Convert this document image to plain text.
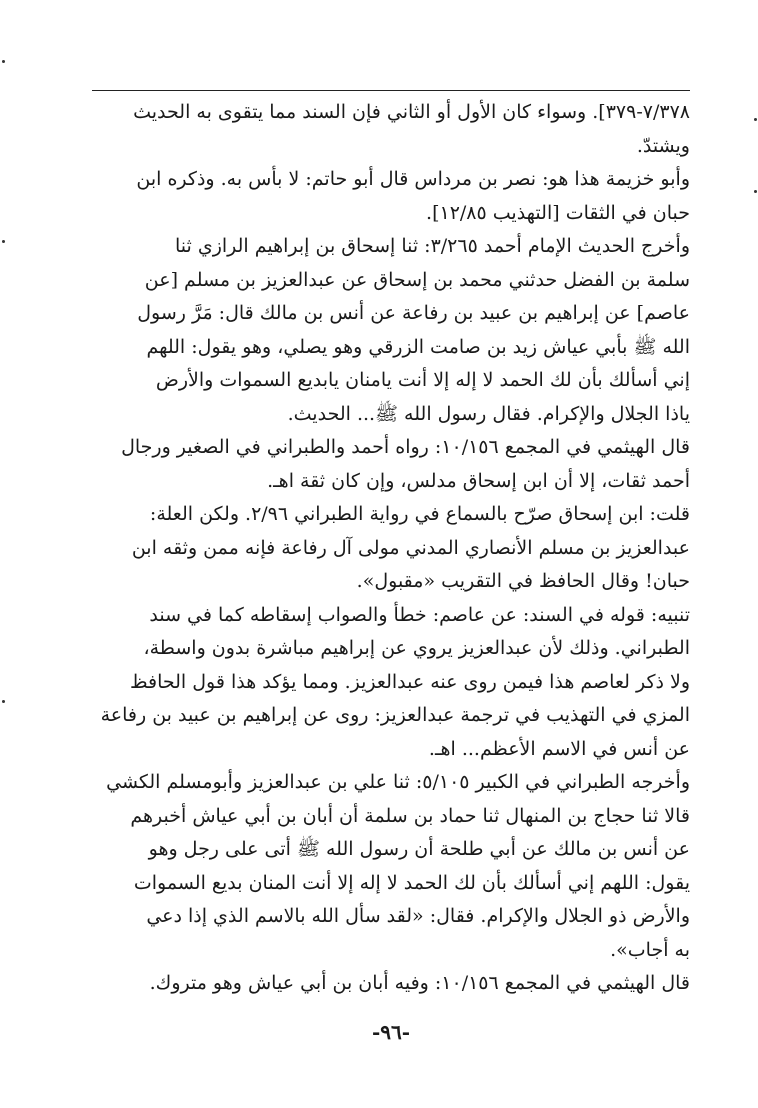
٧/٣٧٨-٣٧٩]. وسواء كان الأول أو الثاني فإن السند مما يتقوى به الحديث
ويشتدّ.
وأبو خزيمة هذا هو: نصر بن مرداس قال أبو حاتم: لا بأس به. وذكره ابن
حبان في الثقات [التهذيب ١٢/٨٥].
وأخرج الحديث الإمام أحمد ٣/٢٦٥: ثنا إسحاق بن إبراهيم الرازي ثنا
سلمة بن الفضل حدثني محمد بن إسحاق عن عبدالعزيز بن مسلم [عن
عاصم] عن إبراهيم بن عبيد بن رفاعة عن أنس بن مالك قال: مَرَّ رسول
الله ﷺ بأبي عياش زيد بن صامت الزرقي وهو يصلي، وهو يقول: اللهم
إني أسألك بأن لك الحمد لا إله إلا أنت يامنان يابديع السموات والأرض
ياذا الجلال والإكرام. فقال رسول الله ﷺ... الحديث.
قال الهيثمي في المجمع ١٠/١٥٦: رواه أحمد والطبراني في الصغير ورجال
أحمد ثقات، إلا أن ابن إسحاق مدلس، وإن كان ثقة اهـ.
قلت: ابن إسحاق صرّح بالسماع في رواية الطبراني ٢/٩٦. ولكن العلة:
عبدالعزيز بن مسلم الأنصاري المدني مولى آل رفاعة فإنه ممن وثقه ابن
حبان! وقال الحافظ في التقريب «مقبول».
تنبيه: قوله في السند: عن عاصم: خطأ والصواب إسقاطه كما في سند
الطبراني. وذلك لأن عبدالعزيز يروي عن إبراهيم مباشرة بدون واسطة،
ولا ذكر لعاصم هذا فيمن روى عنه عبدالعزيز. ومما يؤكد هذا قول الحافظ
المزي في التهذيب في ترجمة عبدالعزيز: روى عن إبراهيم بن عبيد بن رفاعة
عن أنس في الاسم الأعظم... اهـ.
وأخرجه الطبراني في الكبير ٥/١٠٥: ثنا علي بن عبدالعزيز وأبومسلم الكشي
قالا ثنا حجاج بن المنهال ثنا حماد بن سلمة أن أبان بن أبي عياش أخبرهم
عن أنس بن مالك عن أبي طلحة أن رسول الله ﷺ أتى على رجل وهو
يقول: اللهم إني أسألك بأن لك الحمد لا إله إلا أنت المنان بديع السموات
والأرض ذو الجلال والإكرام. فقال: «لقد سأل الله بالاسم الذي إذا دعي
به أجاب».
قال الهيثمي في المجمع ١٠/١٥٦: وفيه أبان بن أبي عياش وهو متروك.
-٩٦-
